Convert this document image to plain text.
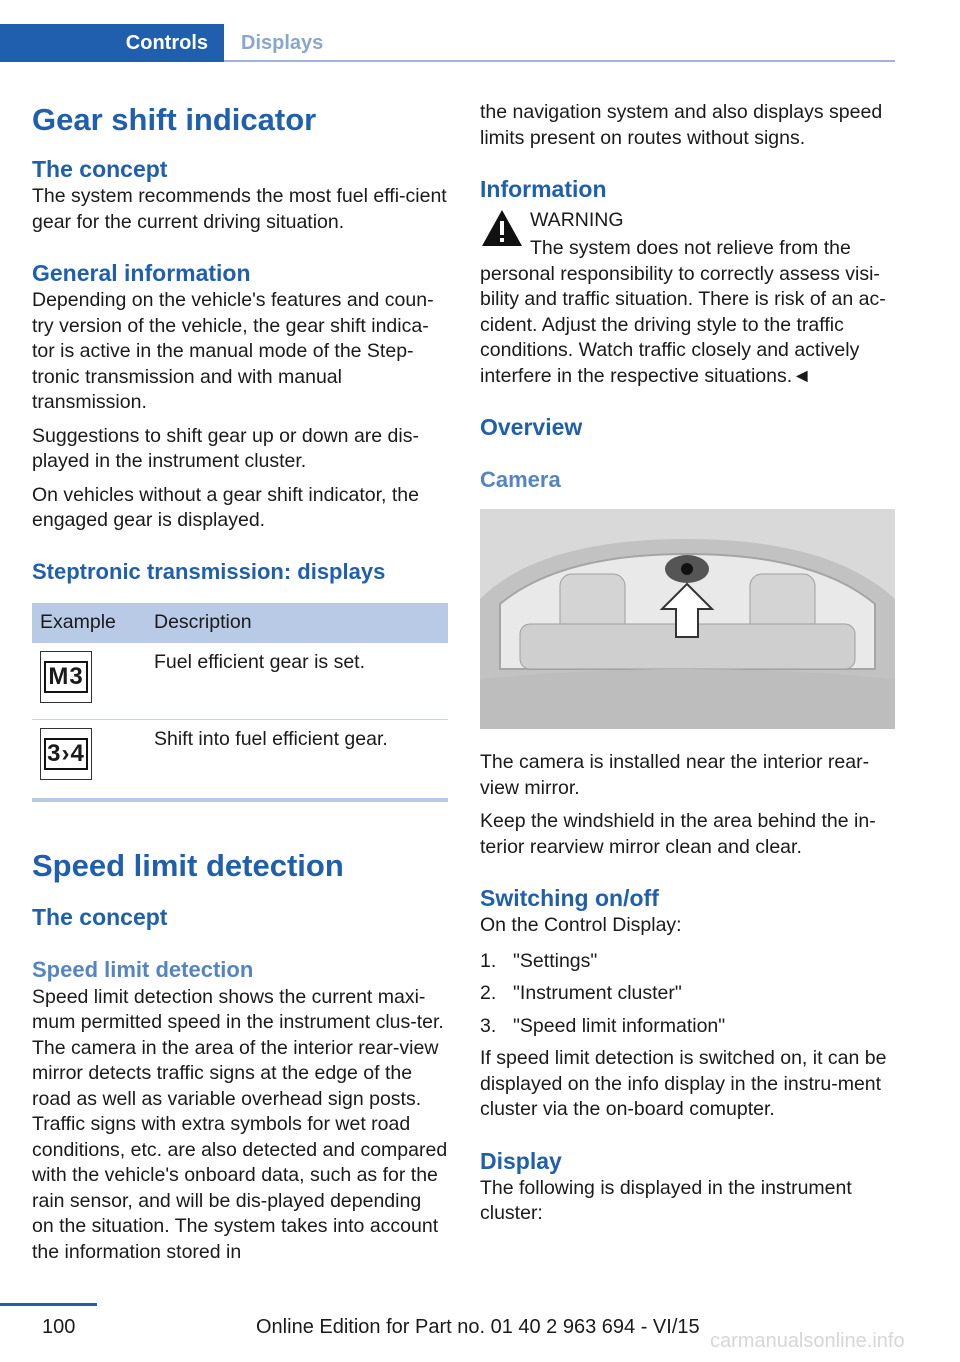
Controls	Displays
Gear shift indicator
The concept

The system recommends the most fuel effi-cient gear for the current driving situation.

General information

Depending on the vehicle's features and coun-try version of the vehicle, the gear shift indica-tor is active in the manual mode of the Step-tronic transmission and with manual transmission.

Suggestions to shift gear up or down are dis-played in the instrument cluster.

On vehicles without a gear shift indicator, the engaged gear is displayed.

Steptronic transmission: displays
Example	Description

M3	Fuel efficient gear is set.

3›4	Shift into fuel efficient gear.
Speed limit detection
The concept
Speed limit detection

Speed limit detection shows the current maxi-mum permitted speed in the instrument clus-ter. The camera in the area of the interior rear-view mirror detects traffic signs at the edge of the road as well as variable overhead sign posts. Traffic signs with extra symbols for wet road conditions, etc. are also detected and compared with the vehicle's onboard data, such as for the rain sensor, and will be dis-played depending on the situation. The system takes into account the information stored in

the navigation system and also displays speed limits present on routes without signs.

Information

WARNING

The system does not relieve from the personal responsibility to correctly assess visi-bility and traffic situation. There is risk of an ac-cident. Adjust the driving style to the traffic conditions. Watch traffic closely and actively interfere in the respective situations.◄

Overview
Camera

The camera is installed near the interior rear-view mirror.

Keep the windshield in the area behind the in-terior rearview mirror clean and clear.

Switching on/off

On the Control Display:

1. "Settings"
2. "Instrument cluster"
3. "Speed limit information"

If speed limit detection is switched on, it can be displayed on the info display in the instru-ment cluster via the on-board comupter.

Display

The following is displayed in the instrument cluster:

100	Online Edition for Part no. 01 40 2 963 694 - VI/15
carmanualsonline.info
